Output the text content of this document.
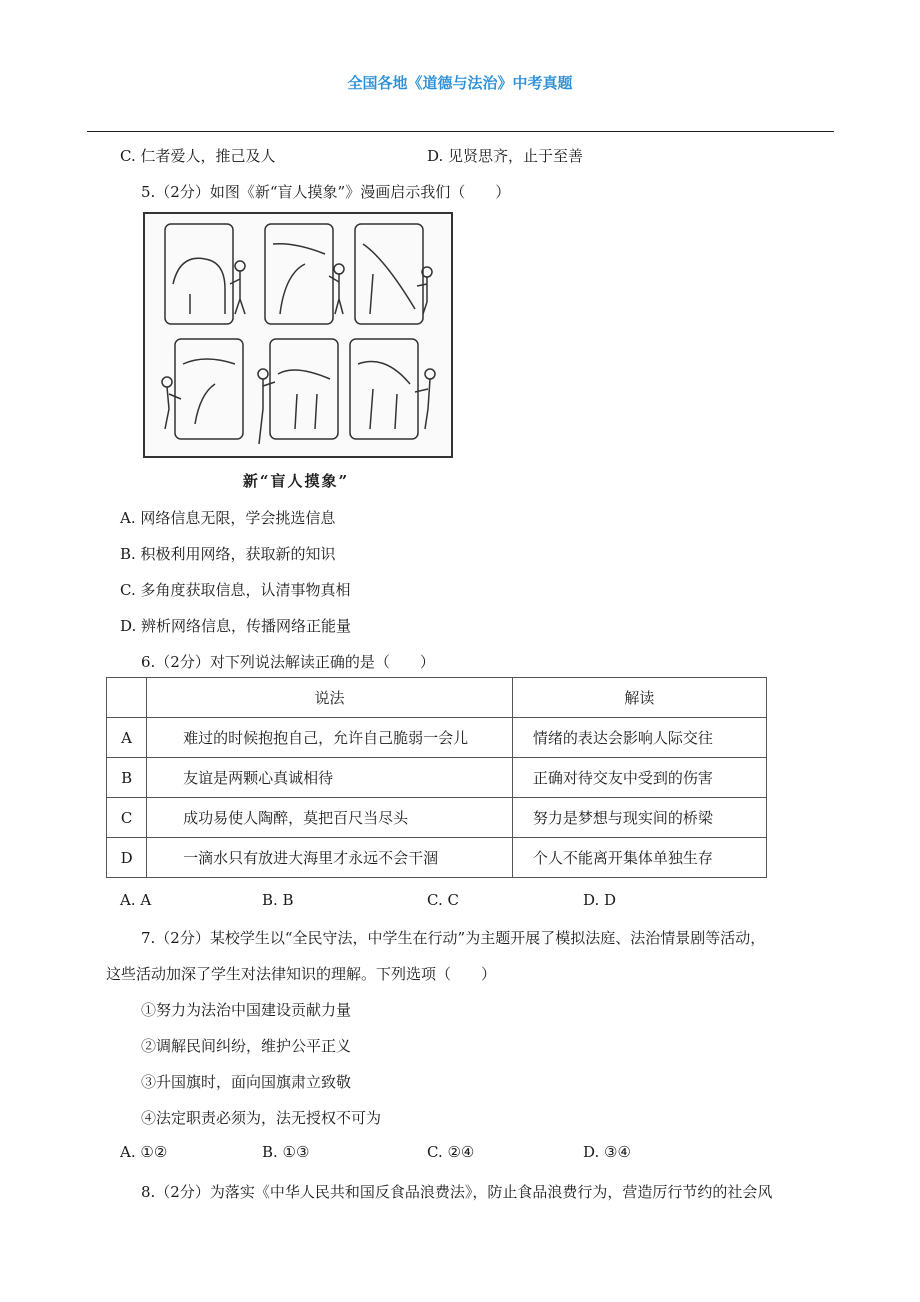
全国各地《道德与法治》中考真题
C. 仁者爱人，推己及人	D. 见贤思齐，止于至善
5.（2分）如图《新“盲人摸象”》漫画启示我们（　　）
新“盲人摸象”
A. 网络信息无限，学会挑选信息
B. 积极利用网络，获取新的知识
C. 多角度获取信息，认清事物真相
D. 辨析网络信息，传播网络正能量
6.（2分）对下列说法解读正确的是（　　）
	说法	解读
A	难过的时候抱抱自己，允许自己脆弱一会儿	情绪的表达会影响人际交往
B	友谊是两颗心真诚相待	正确对待交友中受到的伤害
C	成功易使人陶醉，莫把百尺当尽头	努力是梦想与现实间的桥梁
D	一滴水只有放进大海里才永远不会干涸	个人不能离开集体单独生存
A. A	B. B	C. C	D. D
7.（2分）某校学生以“全民守法，中学生在行动”为主题开展了模拟法庭、法治情景剧等活动，
这些活动加深了学生对法律知识的理解。下列选项（　　）
①努力为法治中国建设贡献力量
②调解民间纠纷，维护公平正义
③升国旗时，面向国旗肃立致敬
④法定职责必须为，法无授权不可为
A. ①②	B. ①③	C. ②④	D. ③④
8.（2分）为落实《中华人民共和国反食品浪费法》，防止食品浪费行为，营造厉行节约的社会风
